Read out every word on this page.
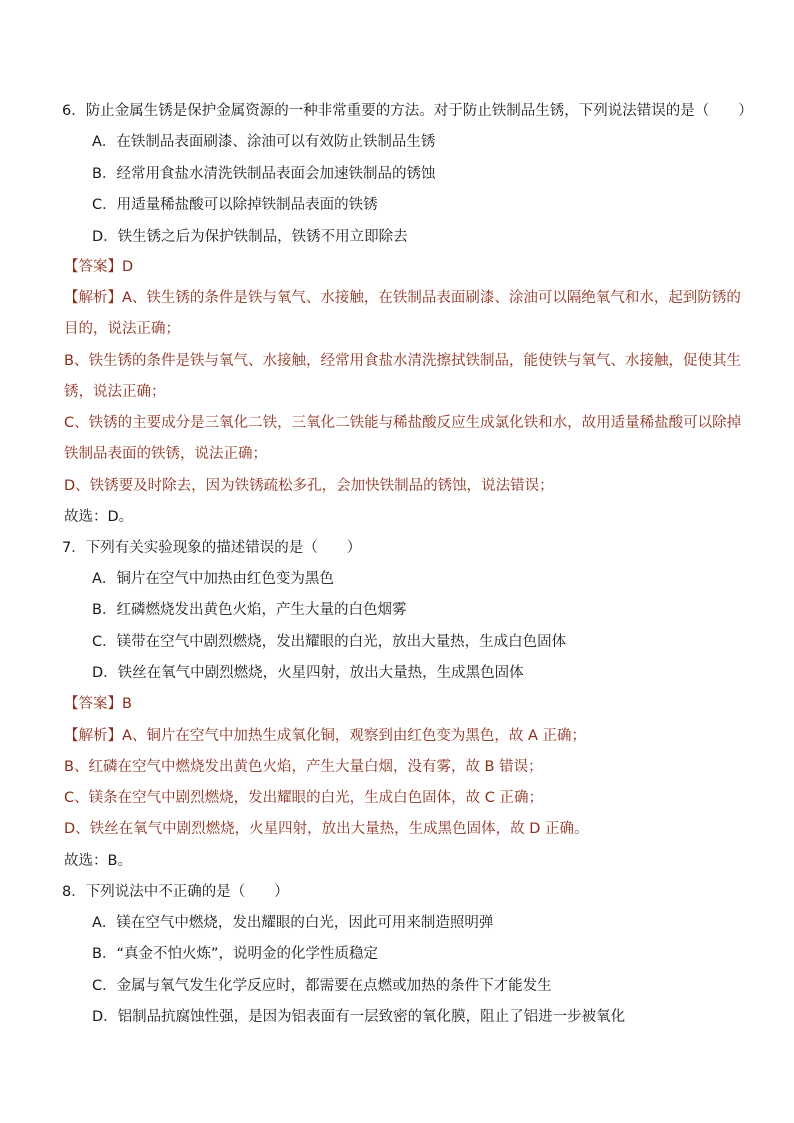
6．防止金属生锈是保护金属资源的一种非常重要的方法。对于防止铁制品生锈，下列说法错误的是（　　）
A．在铁制品表面刷漆、涂油可以有效防止铁制品生锈
B．经常用食盐水清洗铁制品表面会加速铁制品的锈蚀
C．用适量稀盐酸可以除掉铁制品表面的铁锈
D．铁生锈之后为保护铁制品，铁锈不用立即除去
【答案】D
【解析】A、铁生锈的条件是铁与氧气、水接触，在铁制品表面刷漆、涂油可以隔绝氧气和水，起到防锈的
目的，说法正确；
B、铁生锈的条件是铁与氧气、水接触，经常用食盐水清洗擦拭铁制品，能使铁与氧气、水接触，促使其生
锈，说法正确；
C、铁锈的主要成分是三氧化二铁，三氧化二铁能与稀盐酸反应生成氯化铁和水，故用适量稀盐酸可以除掉
铁制品表面的铁锈，说法正确；
D、铁锈要及时除去，因为铁锈疏松多孔，会加快铁制品的锈蚀，说法错误；
故选：D。
7．下列有关实验现象的描述错误的是（　　）
A．铜片在空气中加热由红色变为黑色
B．红磷燃烧发出黄色火焰，产生大量的白色烟雾
C．镁带在空气中剧烈燃烧，发出耀眼的白光，放出大量热，生成白色固体
D．铁丝在氧气中剧烈燃烧，火星四射，放出大量热，生成黑色固体
【答案】B
【解析】A、铜片在空气中加热生成氧化铜，观察到由红色变为黑色，故 A 正确；
B、红磷在空气中燃烧发出黄色火焰，产生大量白烟，没有雾，故 B 错误；
C、镁条在空气中剧烈燃烧，发出耀眼的白光，生成白色固体，故 C 正确；
D、铁丝在氧气中剧烈燃烧，火星四射，放出大量热，生成黑色固体，故 D 正确。
故选：B。
8．下列说法中不正确的是（　　）
A．镁在空气中燃烧，发出耀眼的白光，因此可用来制造照明弹
B．“真金不怕火炼”，说明金的化学性质稳定
C．金属与氧气发生化学反应时，都需要在点燃或加热的条件下才能发生
D．铝制品抗腐蚀性强，是因为铝表面有一层致密的氧化膜，阻止了铝进一步被氧化
